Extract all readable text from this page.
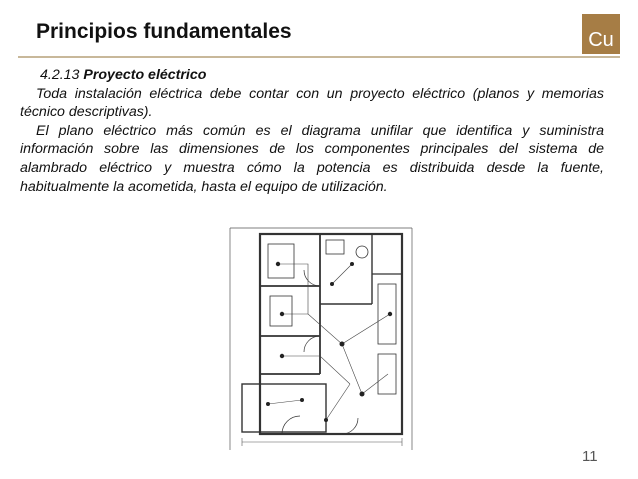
Principios fundamentales	Cu

4.2.13 Proyecto eléctrico

Toda instalación eléctrica debe contar con un proyecto eléctrico (planos y memorias técnico descriptivas).

El plano eléctrico más común es el diagrama unifilar que identifica y suministra información sobre las dimensiones de los componentes principales del sistema de alambrado eléctrico y muestra cómo la potencia es distribuida desde la fuente, habitualmente la acometida, hasta el equipo de utilización.

11
